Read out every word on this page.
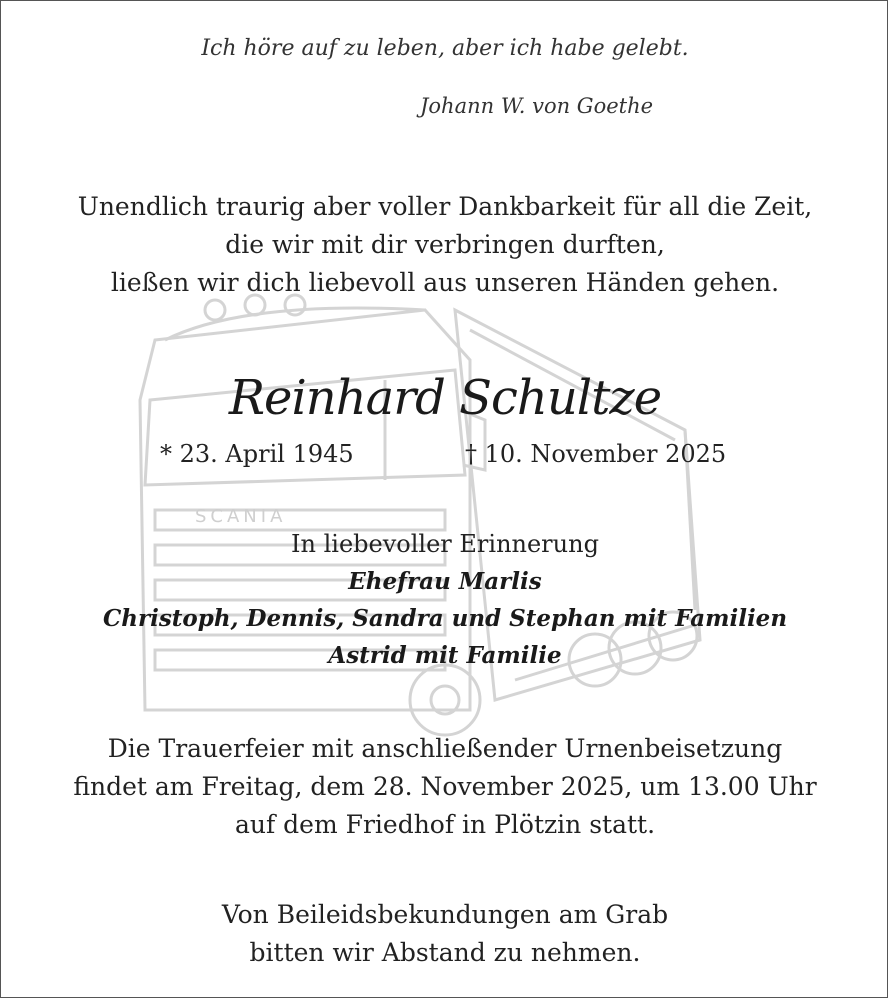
SCANIA
Ich höre auf zu leben, aber ich habe gelebt.
Johann W. von Goethe
Unendlich traurig aber voller Dankbarkeit für all die Zeit,
die wir mit dir verbringen durften,
ließen wir dich liebevoll aus unseren Händen gehen.
Reinhard Schultze
* 23. April 1945	† 10. November 2025
In liebevoller Erinnerung
Ehefrau Marlis
Christoph, Dennis, Sandra und Stephan mit Familien
Astrid mit Familie
Die Trauerfeier mit anschließender Urnenbeisetzung
findet am Freitag, dem 28. November 2025, um 13.00 Uhr
auf dem Friedhof in Plötzin statt.
Von Beileidsbekundungen am Grab
bitten wir Abstand zu nehmen.
